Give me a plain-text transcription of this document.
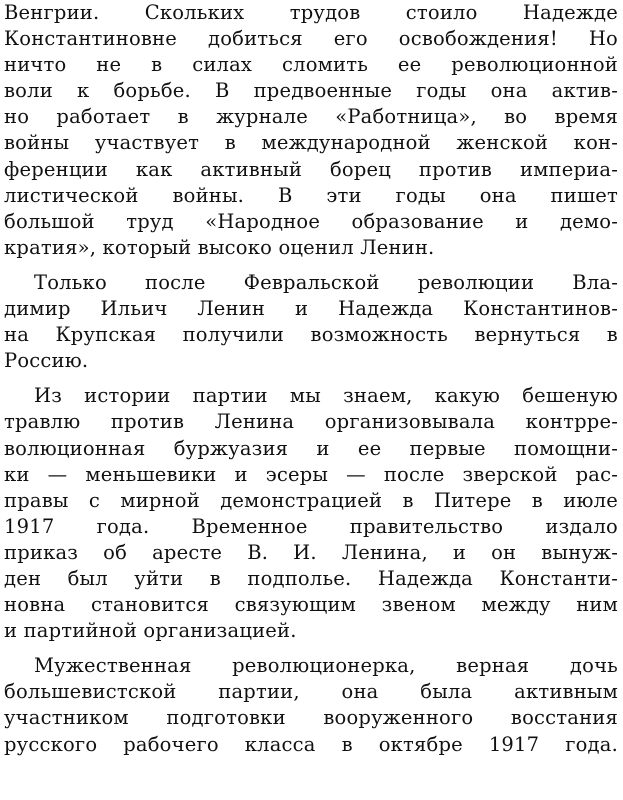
Венгрии. Скольких трудов стоило Надежде
Константиновне добиться его освобождения! Но
ничто не в силах сломить ее революционной
воли к борьбе. В предвоенные годы она актив-
но работает в журнале «Работница», во время
войны участвует в международной женской кон-
ференции как активный борец против империа-
листической войны. В эти годы она пишет
большой труд «Народное образование и демо-
кратия», который высоко оценил Ленин.
Только после Февральской революции Вла-
димир Ильич Ленин и Надежда Константинов-
на Крупская получили возможность вернуться в
Россию.
Из истории партии мы знаем, какую бешеную
травлю против Ленина организовывала контрре-
волюционная буржуазия и ее первые помощни-
ки — меньшевики и эсеры — после зверской рас-
правы с мирной демонстрацией в Питере в июле
1917 года. Временное правительство издало
приказ об аресте В. И. Ленина, и он вынуж-
ден был уйти в подполье. Надежда Константи-
новна становится связующим звеном между ним
и партийной организацией.
Мужественная революционерка, верная дочь
большевистской партии, она была активным
участником подготовки вооруженного восстания
русского рабочего класса в октябре 1917 года.
